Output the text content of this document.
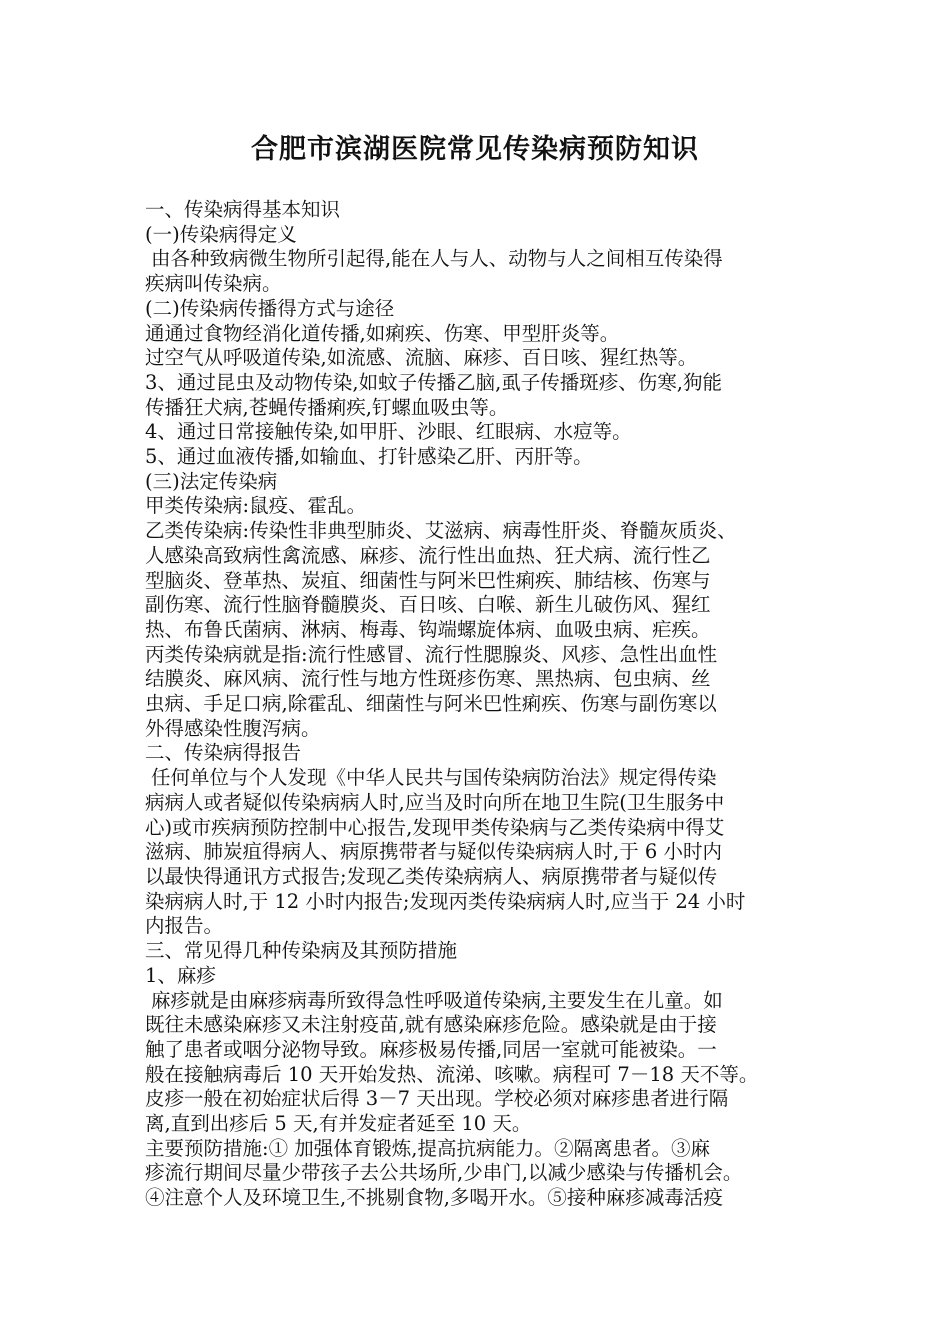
合肥市滨湖医院常见传染病预防知识

一、传染病得基本知识

(一)传染病得定义

由各种致病微生物所引起得,能在人与人、动物与人之间相互传染得

疾病叫传染病。

(二)传染病传播得方式与途径

通通过食物经消化道传播,如痢疾、伤寒、甲型肝炎等。

过空气从呼吸道传染,如流感、流脑、麻疹、百日咳、猩红热等。

3、通过昆虫及动物传染,如蚊子传播乙脑,虱子传播斑疹、伤寒,狗能

传播狂犬病,苍蝇传播痢疾,钉螺血吸虫等。

4、通过日常接触传染,如甲肝、沙眼、红眼病、水痘等。

5、通过血液传播,如输血、打针感染乙肝、丙肝等。

(三)法定传染病

甲类传染病:鼠疫、霍乱。

乙类传染病:传染性非典型肺炎、艾滋病、病毒性肝炎、脊髓灰质炎、

人感染高致病性禽流感、麻疹、流行性出血热、狂犬病、流行性乙

型脑炎、登革热、炭疽、细菌性与阿米巴性痢疾、肺结核、伤寒与

副伤寒、流行性脑脊髓膜炎、百日咳、白喉、新生儿破伤风、猩红

热、布鲁氏菌病、淋病、梅毒、钩端螺旋体病、血吸虫病、疟疾。

丙类传染病就是指:流行性感冒、流行性腮腺炎、风疹、急性出血性

结膜炎、麻风病、流行性与地方性斑疹伤寒、黑热病、包虫病、丝

虫病、手足口病,除霍乱、细菌性与阿米巴性痢疾、伤寒与副伤寒以

外得感染性腹泻病。

二、传染病得报告

任何单位与个人发现《中华人民共与国传染病防治法》规定得传染

病病人或者疑似传染病病人时,应当及时向所在地卫生院(卫生服务中

心)或市疾病预防控制中心报告,发现甲类传染病与乙类传染病中得艾

滋病、肺炭疽得病人、病原携带者与疑似传染病病人时,于 6 小时内

以最快得通讯方式报告;发现乙类传染病病人、病原携带者与疑似传

染病病人时,于 12 小时内报告;发现丙类传染病病人时,应当于 24 小时

内报告。

三、常见得几种传染病及其预防措施

1、麻疹

麻疹就是由麻疹病毒所致得急性呼吸道传染病,主要发生在儿童。如

既往未感染麻疹又未注射疫苗,就有感染麻疹危险。感染就是由于接

触了患者或咽分泌物导致。麻疹极易传播,同居一室就可能被染。一

般在接触病毒后 10 天开始发热、流涕、咳嗽。病程可 7－18 天不等。

皮疹一般在初始症状后得 3－7 天出现。学校必须对麻疹患者进行隔

离,直到出疹后 5 天,有并发症者延至 10 天。

主要预防措施:① 加强体育锻炼,提高抗病能力。②隔离患者。③麻

疹流行期间尽量少带孩子去公共场所,少串门,以减少感染与传播机会。

④注意个人及环境卫生,不挑剔食物,多喝开水。⑤接种麻疹减毒活疫
